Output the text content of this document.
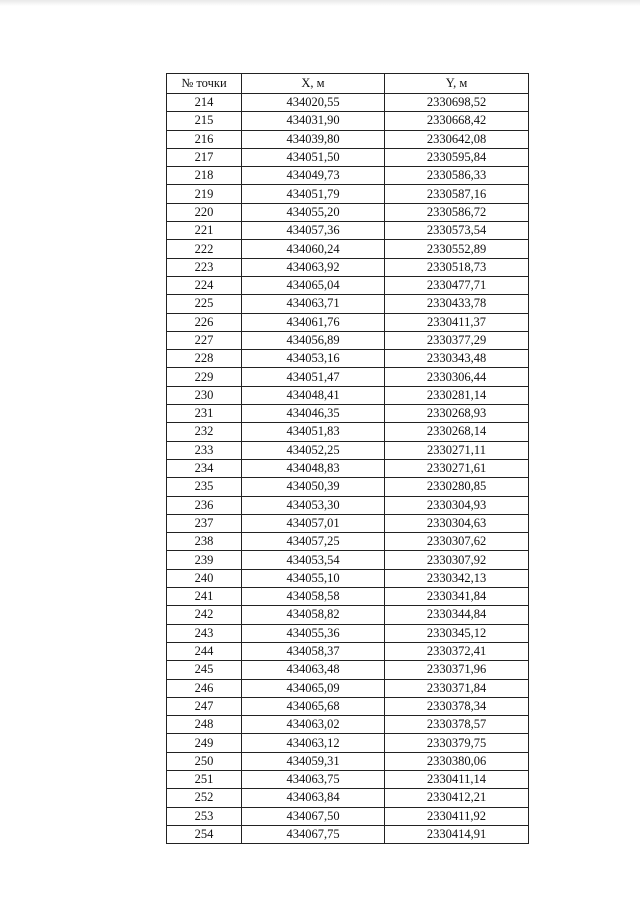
№ точки	X, м	Y, м
214	434020,55	2330698,52
215	434031,90	2330668,42
216	434039,80	2330642,08
217	434051,50	2330595,84
218	434049,73	2330586,33
219	434051,79	2330587,16
220	434055,20	2330586,72
221	434057,36	2330573,54
222	434060,24	2330552,89
223	434063,92	2330518,73
224	434065,04	2330477,71
225	434063,71	2330433,78
226	434061,76	2330411,37
227	434056,89	2330377,29
228	434053,16	2330343,48
229	434051,47	2330306,44
230	434048,41	2330281,14
231	434046,35	2330268,93
232	434051,83	2330268,14
233	434052,25	2330271,11
234	434048,83	2330271,61
235	434050,39	2330280,85
236	434053,30	2330304,93
237	434057,01	2330304,63
238	434057,25	2330307,62
239	434053,54	2330307,92
240	434055,10	2330342,13
241	434058,58	2330341,84
242	434058,82	2330344,84
243	434055,36	2330345,12
244	434058,37	2330372,41
245	434063,48	2330371,96
246	434065,09	2330371,84
247	434065,68	2330378,34
248	434063,02	2330378,57
249	434063,12	2330379,75
250	434059,31	2330380,06
251	434063,75	2330411,14
252	434063,84	2330412,21
253	434067,50	2330411,92
254	434067,75	2330414,91
